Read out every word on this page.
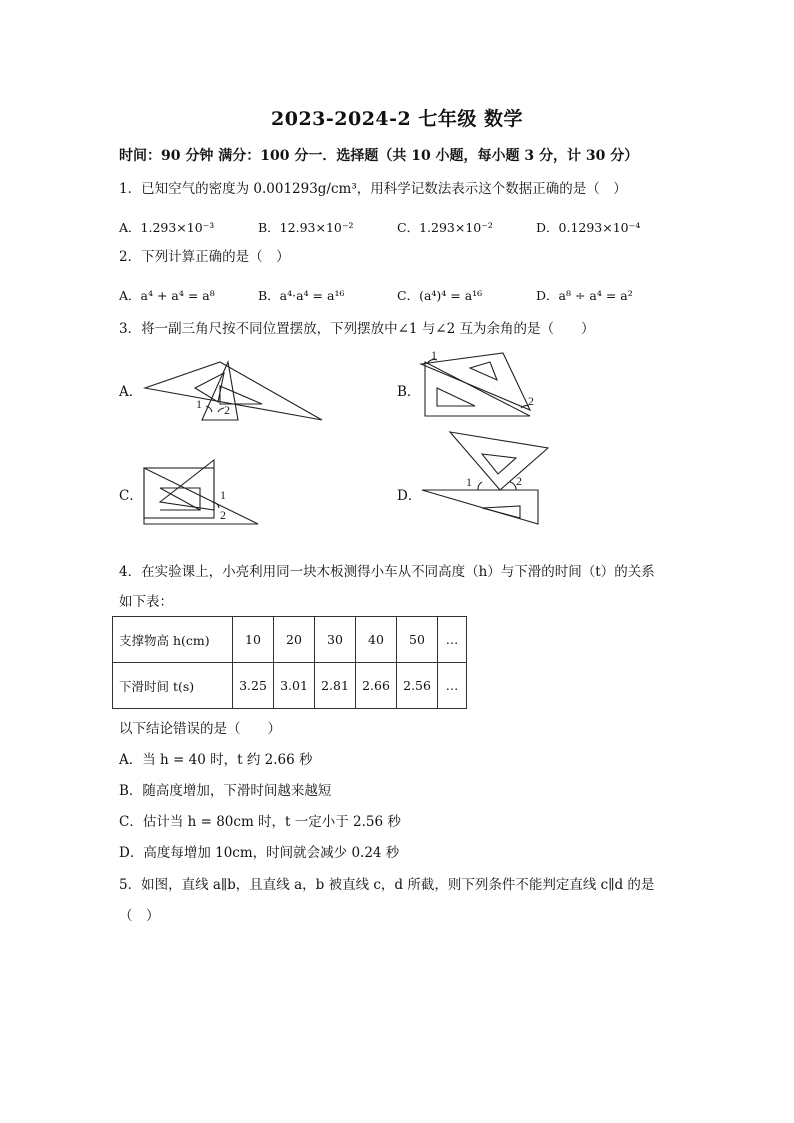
2023-2024-2 七年级 数学
时间：90 分钟 满分：100 分一．选择题（共 10 小题，每小题 3 分，计 30 分）
1．已知空气的密度为 0.001293g/cm³，用科学记数法表示这个数据正确的是（　）
A．1.293×10⁻³	B．12.93×10⁻²	C．1.293×10⁻²	D．0.1293×10⁻⁴
2．下列计算正确的是（　）
A．a⁴ + a⁴ = a⁸	B．a⁴·a⁴ = a¹⁶	C．(a⁴)⁴ = a¹⁶	D．a⁸ ÷ a⁴ = a²
3．将一副三角尺按不同位置摆放，下列摆放中∠1 与∠2 互为余角的是（　　）
A．
1 2
B．
1
2
C．	1
2
D．
1	2
4．在实验课上，小亮利用同一块木板测得小车从不同高度（h）与下滑的时间（t）的关系
如下表：
支撑物高 h(cm)	10	20	30	40	50	…
下滑时间 t(s)	3.25	3.01	2.81	2.66	2.56	…
以下结论错误的是（　　）
A．当 h = 40 时，t 约 2.66 秒
B．随高度增加，下滑时间越来越短
C．估计当 h = 80cm 时，t 一定小于 2.56 秒
D．高度每增加 10cm，时间就会减少 0.24 秒
5．如图，直线 a∥b，且直线 a，b 被直线 c，d 所截，则下列条件不能判定直线 c∥d 的是
（　）
